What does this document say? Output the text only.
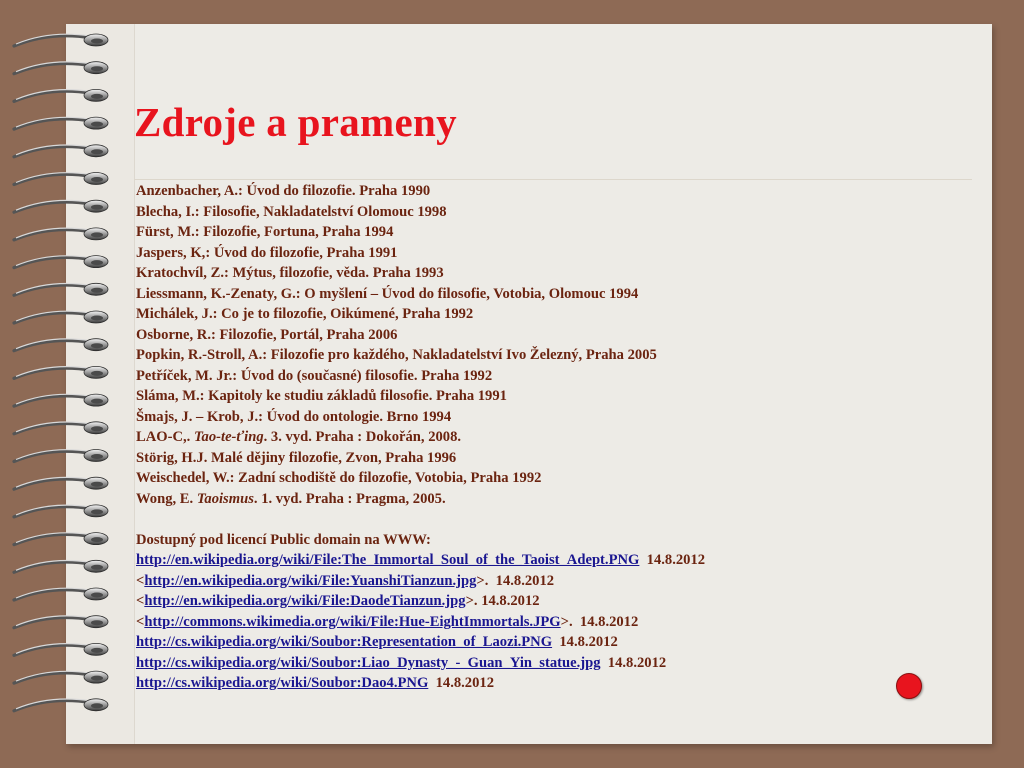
Zdroje a prameny
Anzenbacher, A.: Úvod do filozofie. Praha 1990
Blecha, I.: Filosofie, Nakladatelství Olomouc 1998
Fürst, M.: Filozofie, Fortuna, Praha 1994
Jaspers, K,: Úvod do filozofie, Praha 1991
Kratochvíl, Z.: Mýtus, filozofie, věda. Praha 1993
Liessmann, K.-Zenaty, G.: O myšlení – Úvod do filosofie, Votobia, Olomouc 1994
Michálek, J.: Co je to filozofie, Oikúmené, Praha 1992
Osborne, R.: Filozofie, Portál, Praha 2006
Popkin, R.-Stroll, A.: Filozofie pro každého, Nakladatelství Ivo Železný, Praha 2005
Petříček, M. Jr.: Úvod do (současné) filosofie. Praha 1992
Sláma, M.: Kapitoly ke studiu základů filosofie. Praha 1991
Šmajs, J. – Krob, J.: Úvod do ontologie. Brno 1994
LAO-C,. Tao-te-ťing. 3. vyd. Praha : Dokořán, 2008.
Störig, H.J. Malé dějiny filozofie, Zvon, Praha 1996
Weischedel, W.: Zadní schodiště do filozofie, Votobia, Praha 1992
Wong, E. Taoismus. 1. vyd. Praha : Pragma, 2005.
Dostupný pod licencí Public domain na WWW:
http://en.wikipedia.org/wiki/File:The_Immortal_Soul_of_the_Taoist_Adept.PNG  14.8.2012
<http://en.wikipedia.org/wiki/File:YuanshiTianzun.jpg>.  14.8.2012
<http://en.wikipedia.org/wiki/File:DaodeTianzun.jpg>. 14.8.2012
<http://commons.wikimedia.org/wiki/File:Hue-EightImmortals.JPG>.  14.8.2012
http://cs.wikipedia.org/wiki/Soubor:Representation_of_Laozi.PNG  14.8.2012
http://cs.wikipedia.org/wiki/Soubor:Liao_Dynasty_-_Guan_Yin_statue.jpg  14.8.2012
http://cs.wikipedia.org/wiki/Soubor:Dao4.PNG  14.8.2012
